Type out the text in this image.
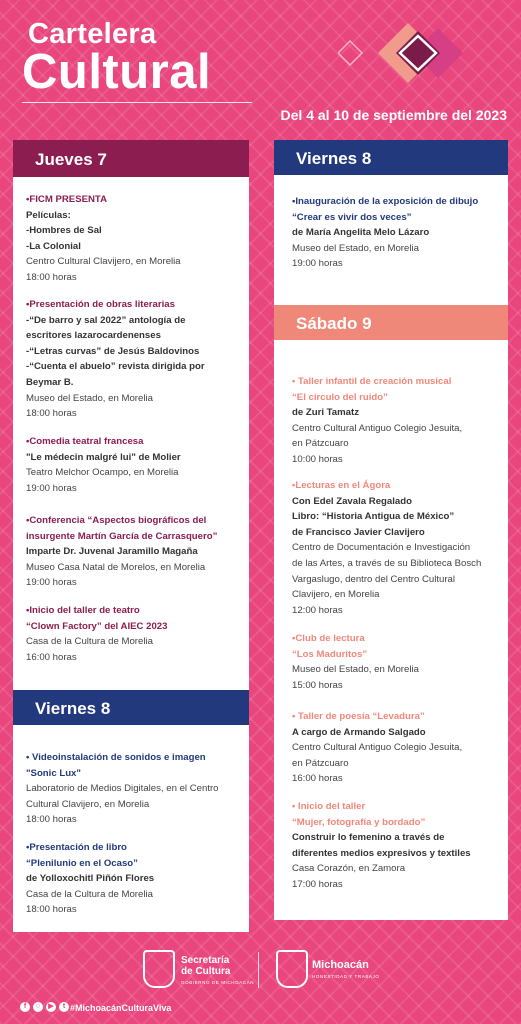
Cartelera
Cultural
Del 4 al 10 de septiembre del 2023
Jueves 7
•FICM PRESENTA
Películas:
-Hombres de Sal
-La Colonial
Centro Cultural Clavijero, en Morelia
18:00 horas
•Presentación de obras literarias
-“De barro y sal 2022” antología de
escritores lazarocardenenses
-“Letras curvas” de Jesús Baldovinos
-“Cuenta el abuelo” revista dirigida por
Beymar B.
Museo del Estado, en Morelia
18:00 horas
•Comedia teatral francesa
"Le médecin malgré lui" de Molier
Teatro Melchor Ocampo, en Morelia
19:00 horas
•Conferencia “Aspectos biográficos del
insurgente Martín García de Carrasquero”
Imparte Dr. Juvenal Jaramillo Magaña
Museo Casa Natal de Morelos, en Morelia
19:00 horas
•Inicio del taller de teatro
“Clown Factory” del AIEC 2023
Casa de la Cultura de Morelia
16:00 horas
Viernes 8
• Videoinstalación de sonidos e imagen
"Sonic Lux"
Laboratorio de Medios Digitales, en el Centro
Cultural Clavijero, en Morelia
18:00 horas
•Presentación de libro
“Plenilunio en el Ocaso”
de Yolloxochitl Piñón Flores
Casa de la Cultura de Morelia
18:00 horas
Viernes 8
•Inauguración de la exposición de dibujo
“Crear es vivir dos veces”
de María Angelita Melo Lázaro
Museo del Estado, en Morelia
19:00 horas
Sábado 9
• Taller infantil de creación musical
“El círculo del ruido”
de Zuri Tamatz
Centro Cultural Antiguo Colegio Jesuita,
en Pátzcuaro
10:00 horas
•Lecturas en el Ágora
Con Edel Zavala Regalado
Libro: “Historia Antigua de México”
de Francisco Javier Clavijero
Centro de Documentación e Investigación
de las Artes, a través de su Biblioteca Bosch
Vargaslugo, dentro del Centro Cultural
Clavijero, en Morelia
12:00 horas
•Club de lectura
“Los Maduritos”
Museo del Estado, en Morelia
15:00 horas
• Taller de poesía “Levadura”
A cargo de Armando Salgado
Centro Cultural Antiguo Colegio Jesuita,
en Pátzcuaro
16:00 horas
• Inicio del taller
“Mujer, fotografía y bordado”
Construir lo femenino a través de
diferentes medios expresivos y textiles
Casa Corazón, en Zamora
17:00 horas
Secretaría
de Cultura
GOBIERNO DE MICHOACÁN
Michoacán
HONESTIDAD Y TRABAJO
f	○	▶	t #MichoacánCulturaViva
